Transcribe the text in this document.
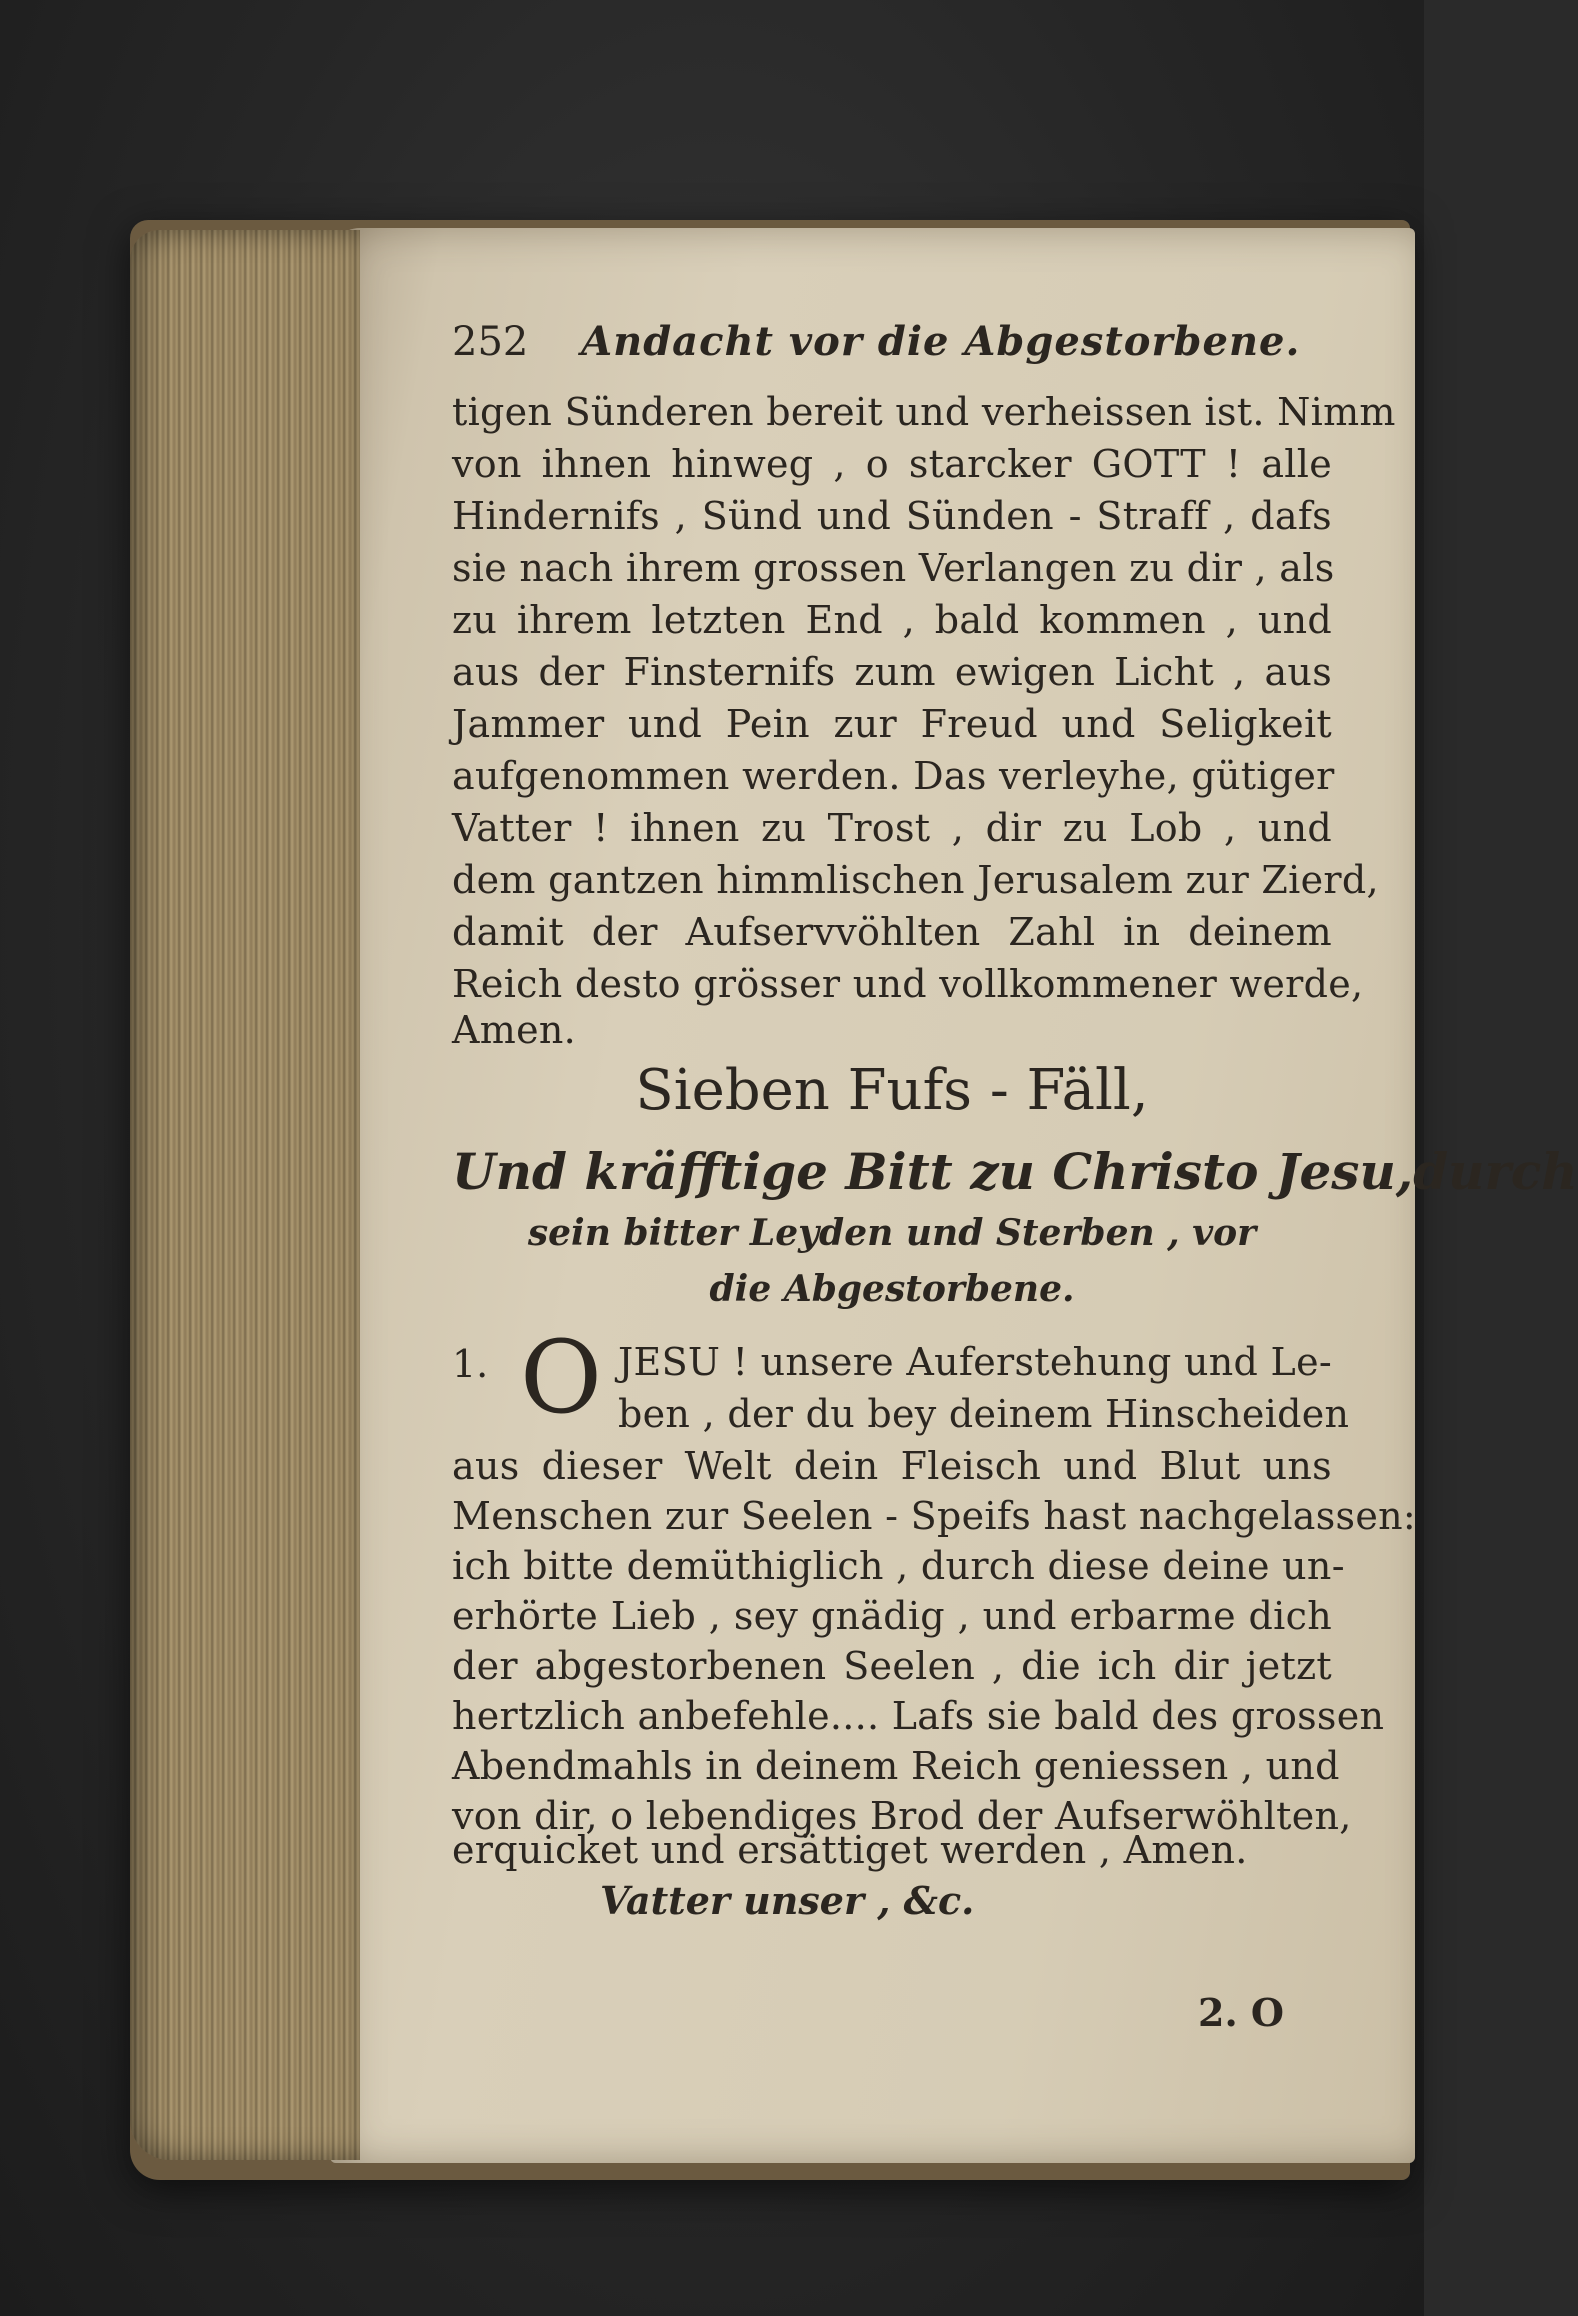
252 Andacht vor die Abgestorbene.
tigen Sünderen bereit und verheissen ist. Nimm
von ihnen hinweg , o starcker GOTT ! alle
Hindernifs , Sünd und Sünden - Straff , dafs
sie nach ihrem grossen Verlangen zu dir , als
zu ihrem letzten End , bald kommen , und
aus der Finsternifs zum ewigen Licht , aus
Jammer und Pein zur Freud und Seligkeit
aufgenommen werden. Das verleyhe, gütiger
Vatter ! ihnen zu Trost , dir zu Lob , und
dem gantzen himmlischen Jerusalem zur Zierd,
damit der Aufservvöhlten Zahl in deinem
Reich desto grösser und vollkommener werde,
Amen.
Sieben Fufs - Fäll,
Und kräfftige Bitt zu Christo Jesu,durch
sein bitter Leyden und Sterben , vor
die Abgestorbene.
1. O JESU ! unsere Auferstehung und Le-
ben , der du bey deinem Hinscheiden
aus dieser Welt dein Fleisch und Blut uns
Menschen zur Seelen - Speifs hast nachgelassen:
ich bitte demüthiglich , durch diese deine un-
erhörte Lieb , sey gnädig , und erbarme dich
der abgestorbenen Seelen , die ich dir jetzt
hertzlich anbefehle.... Lafs sie bald des grossen
Abendmahls in deinem Reich geniessen , und
von dir, o lebendiges Brod der Aufserwöhlten,
erquicket und ersättiget werden , Amen.
Vatter unser , &c.
2. O
